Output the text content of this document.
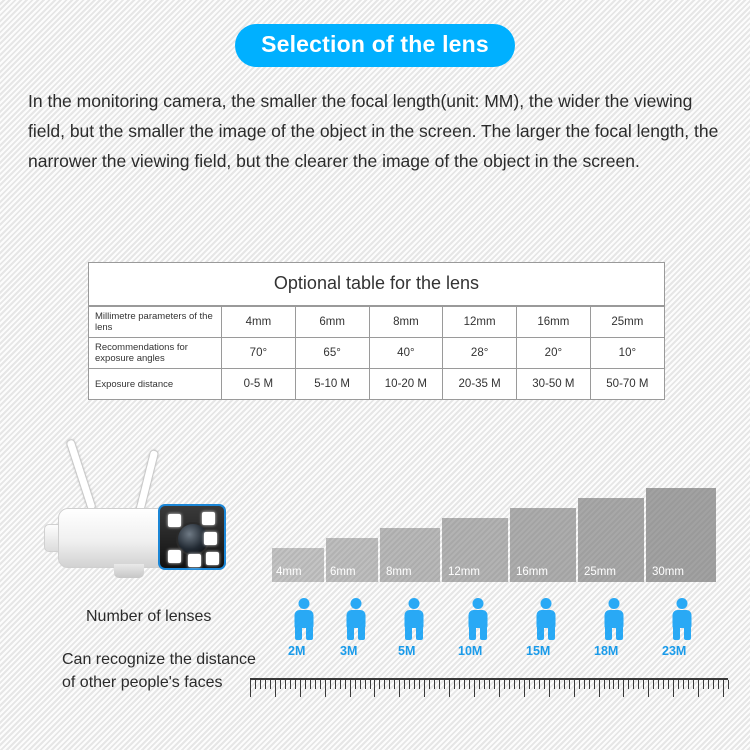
Selection of the lens
In the monitoring camera, the smaller the focal length(unit: MM), the wider the viewing field, but the smaller the image of the object in the screen. The larger the focal length, the narrower the viewing field, but the clearer the image of the object in the screen.
Optional table for the lens
Millimetre parameters of the lens	4mm	6mm	8mm	12mm	16mm	25mm
Recommendations for exposure angles	70°	65°	40°	28°	20°	10°
Exposure distance	0-5 M	5-10 M	10-20 M	20-35 M	30-50 M	50-70 M
Number of lenses
Can recognize the distance of other people's faces
4mm 6mm	8mm	12mm	16mm	25mm	30mm
2M	3M	5M	10M	15M	18M	23M
